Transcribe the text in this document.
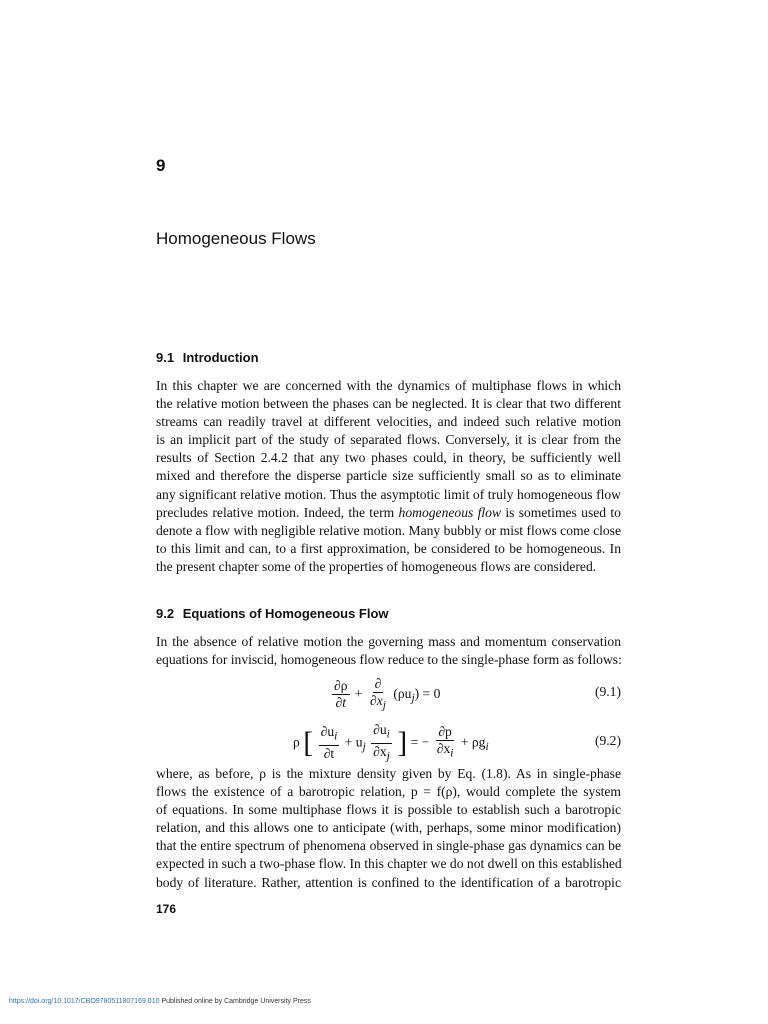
9
Homogeneous Flows
9.1 Introduction
In this chapter we are concerned with the dynamics of multiphase flows in which
the relative motion between the phases can be neglected. It is clear that two different
streams can readily travel at different velocities, and indeed such relative motion
is an implicit part of the study of separated flows. Conversely, it is clear from the
results of Section 2.4.2 that any two phases could, in theory, be sufficiently well
mixed and therefore the disperse particle size sufficiently small so as to eliminate
any significant relative motion. Thus the asymptotic limit of truly homogeneous flow
precludes relative motion. Indeed, the term homogeneous flow is sometimes used to
denote a flow with negligible relative motion. Many bubbly or mist flows come close
to this limit and can, to a first approximation, be considered to be homogeneous. In
the present chapter some of the properties of homogeneous flows are considered.
9.2 Equations of Homogeneous Flow
In the absence of relative motion the governing mass and momentum conservation
equations for inviscid, homogeneous flow reduce to the single-phase form as follows:
$\frac{\partial\rho}{\partial t} + \frac{\partial}{\partial x_j} (\rho u_j) = 0$	(9.1)
ρ [ $\frac{\partial u_i}{\partial t} + u_j \frac{\partial u_i}{\partial x_j}$ ] = − $\frac{\partial p}{\partial x_i} + \rho g_i$	(9.2)
where, as before, ρ is the mixture density given by Eq. (1.8). As in single-phase
flows the existence of a barotropic relation, p = f(ρ), would complete the system
of equations. In some multiphase flows it is possible to establish such a barotropic
relation, and this allows one to anticipate (with, perhaps, some minor modification)
that the entire spectrum of phenomena observed in single-phase gas dynamics can be
expected in such a two-phase flow. In this chapter we do not dwell on this established
body of literature. Rather, attention is confined to the identification of a barotropic
176
https://doi.org/10.1017/CBO9780511807169.010 Published online by Cambridge University Press
